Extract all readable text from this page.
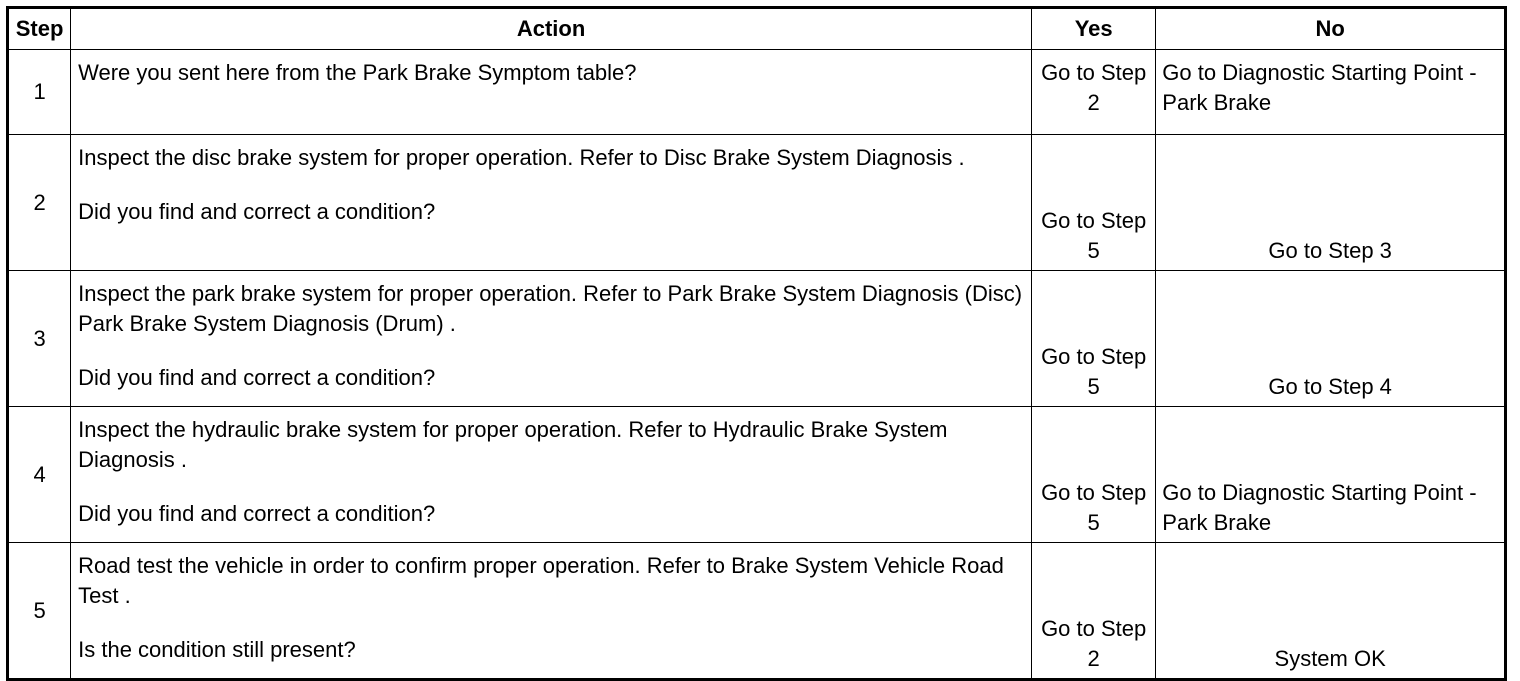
Step	Action	Yes	No
1	Were you sent here from the Park Brake Symptom table?	Go to Step 2	Go to Diagnostic Starting Point - Park Brake
2	Inspect the disc brake system for proper operation. Refer to Disc Brake System Diagnosis .
Did you find and correct a condition?	Go to Step 5	Go to Step 3
3	Inspect the park brake system for proper operation. Refer to Park Brake System Diagnosis (Disc) Park Brake System Diagnosis (Drum) .
Did you find and correct a condition?	Go to Step 5	Go to Step 4
4	Inspect the hydraulic brake system for proper operation. Refer to Hydraulic Brake System Diagnosis .
Did you find and correct a condition?	Go to Step 5	Go to Diagnostic Starting Point - Park Brake
5	Road test the vehicle in order to confirm proper operation. Refer to Brake System Vehicle Road Test .
Is the condition still present?	Go to Step 2	System OK
